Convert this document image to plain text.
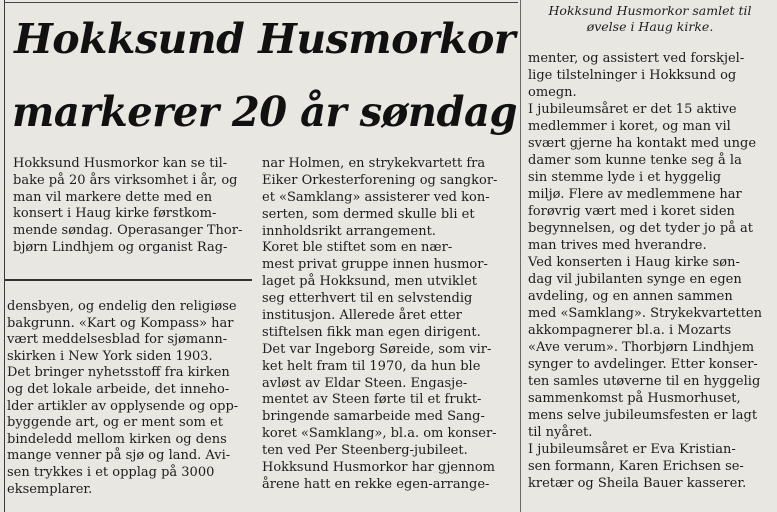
Hokksund Husmorkor
markerer 20 år søndag
Hokksund Husmorkor samlet til
øvelse i Haug kirke.
Hokksund Husmorkor kan se til-
bake på 20 års virksomhet i år, og
man vil markere dette med en
konsert i Haug kirke førstkom-
mende søndag. Operasanger Thor-
bjørn Lindhjem og organist Rag-
densbyen, og endelig den religiøse
bakgrunn. «Kart og Kompass» har
vært meddelsesblad for sjømann-
skirken i New York siden 1903.
Det bringer nyhetsstoff fra kirken
og det lokale arbeide, det inneho-
lder artikler av opplysende og opp-
byggende art, og er ment som et
bindeledd mellom kirken og dens
mange venner på sjø og land. Avi-
sen trykkes i et opplag på 3000
eksemplarer.
nar Holmen, en strykekvartett fra
Eiker Orkesterforening og sangkor-
et «Samklang» assisterer ved kon-
serten, som dermed skulle bli et
innholdsrikt arrangement.
Koret ble stiftet som en nær-
mest privat gruppe innen husmor-
laget på Hokksund, men utviklet
seg etterhvert til en selvstendig
institusjon. Allerede året etter
stiftelsen fikk man egen dirigent.
Det var Ingeborg Søreide, som vir-
ket helt fram til 1970, da hun ble
avløst av Eldar Steen. Engasje-
mentet av Steen førte til et frukt-
bringende samarbeide med Sang-
koret «Samklang», bl.a. om konser-
ten ved Per Steenberg-jubileet.
Hokksund Husmorkor har gjennom
årene hatt en rekke egen-arrange-
menter, og assistert ved forskjel-
lige tilstelninger i Hokksund og
omegn.
I jubileumsåret er det 15 aktive
medlemmer i koret, og man vil
svært gjerne ha kontakt med unge
damer som kunne tenke seg å la
sin stemme lyde i et hyggelig
miljø. Flere av medlemmene har
forøvrig vært med i koret siden
begynnelsen, og det tyder jo på at
man trives med hverandre.
Ved konserten i Haug kirke søn-
dag vil jubilanten synge en egen
avdeling, og en annen sammen
med «Samklang». Strykekvartetten
akkompagnerer bl.a. i Mozarts
«Ave verum». Thorbjørn Lindhjem
synger to avdelinger. Etter konser-
ten samles utøverne til en hyggelig
sammenkomst på Husmorhuset,
mens selve jubileumsfesten er lagt
til nyåret.
I jubileumsåret er Eva Kristian-
sen formann, Karen Erichsen se-
kretær og Sheila Bauer kasserer.
